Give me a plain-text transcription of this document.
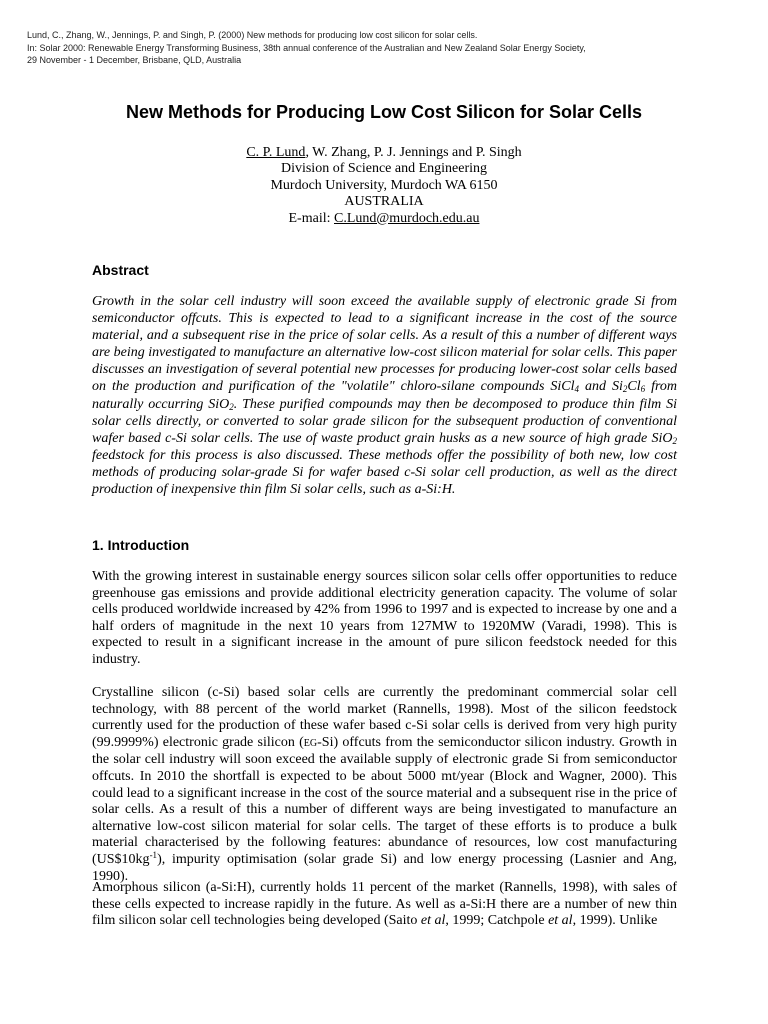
Lund, C., Zhang, W., Jennings, P. and Singh, P. (2000) New methods for producing low cost silicon for solar cells.
In: Solar 2000: Renewable Energy Transforming Business, 38th annual conference of the Australian and New Zealand Solar Energy Society,
29 November - 1 December, Brisbane, QLD, Australia
New Methods for Producing Low Cost Silicon for Solar Cells
C. P. Lund, W. Zhang, P. J. Jennings and P. Singh
Division of Science and Engineering
Murdoch University, Murdoch WA 6150
AUSTRALIA
E-mail: C.Lund@murdoch.edu.au
Abstract

Growth in the solar cell industry will soon exceed the available supply of electronic grade Si from semiconductor offcuts. This is expected to lead to a significant increase in the cost of the source material, and a subsequent rise in the price of solar cells. As a result of this a number of different ways are being investigated to manufacture an alternative low-cost silicon material for solar cells. This paper discusses an investigation of several potential new processes for producing lower-cost solar cells based on the production and purification of the "volatile" chloro-silane compounds SiCl$_4$ and $Si_2Cl_6$ from naturally occurring SiO$_2$. These purified compounds may then be decomposed to produce thin film Si solar cells directly, or converted to solar grade silicon for the subsequent production of conventional wafer based c-Si solar cells. The use of waste product grain husks as a new source of high grade SiO$_2$ feedstock for this process is also discussed. These methods offer the possibility of both new, low cost methods of producing solar-grade Si for wafer based c-Si solar cell production, as well as the direct production of inexpensive thin film Si solar cells, such as a-Si:H.

1. Introduction

With the growing interest in sustainable energy sources silicon solar cells offer opportunities to reduce greenhouse gas emissions and provide additional electricity generation capacity. The volume of solar cells produced worldwide increased by 42% from 1996 to 1997 and is expected to increase by one and a half orders of magnitude in the next 10 years from 127MW to 1920MW (Varadi, 1998). This is expected to result in a significant increase in the amount of pure silicon feedstock needed for this industry.

Crystalline silicon (c-Si) based solar cells are currently the predominant commercial solar cell technology, with 88 percent of the world market (Rannells, 1998). Most of the silicon feedstock currently used for the production of these wafer based c-Si solar cells is derived from very high purity (99.9999%) electronic grade silicon (EG-Si) offcuts from the semiconductor silicon industry. Growth in the solar cell industry will soon exceed the available supply of electronic grade Si from semiconductor offcuts. In 2010 the shortfall is expected to be about 5000 mt/year (Block and Wagner, 2000). This could lead to a significant increase in the cost of the source material and a subsequent rise in the price of solar cells. As a result of this a number of different ways are being investigated to manufacture an alternative low-cost silicon material for solar cells. The target of these efforts is to produce a bulk material characterised by the following features: abundance of resources, low cost manufacturing $(US\$10kg^{-1})$, impurity optimisation (solar grade Si) and low energy processing (Lasnier and Ang, 1990).

Amorphous silicon (a-Si:H), currently holds 11 percent of the market (Rannells, 1998), with sales of these cells expected to increase rapidly in the future. As well as a-Si:H there are a number of new thin film silicon solar cell technologies being developed (Saito et al, 1999; Catchpole et al, 1999). Unlike
